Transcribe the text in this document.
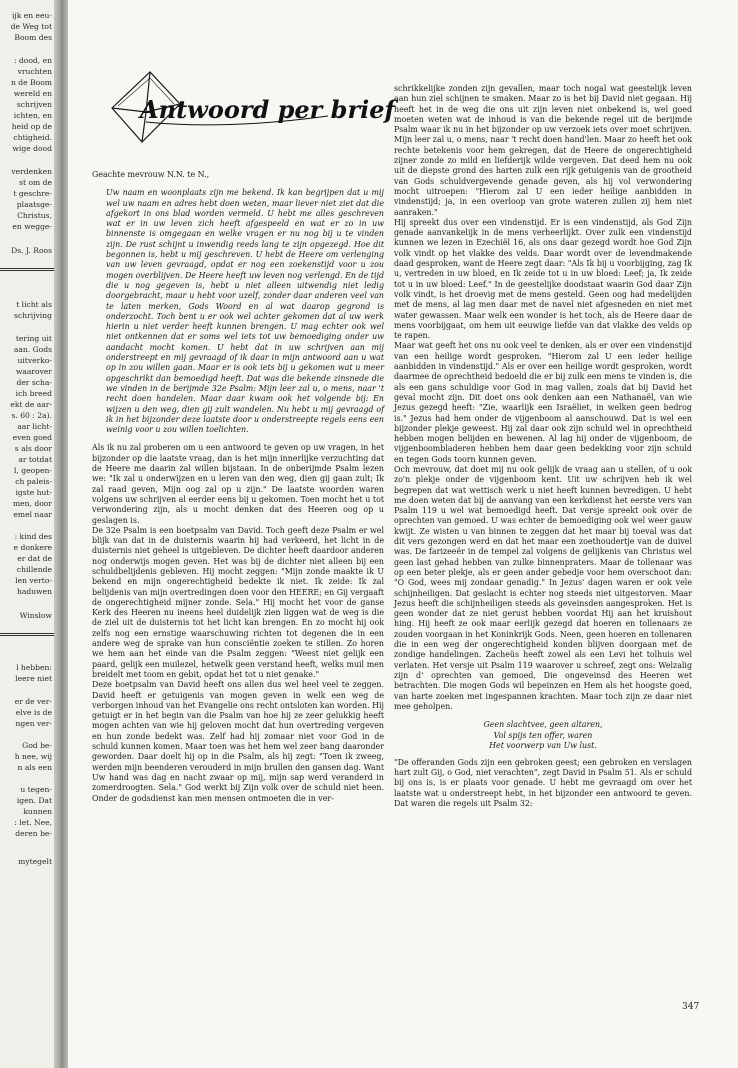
ijk en eeu-
de Weg tot
Boom des
: dood, en
vruchten
n de Boom
wereld en
schrijven
ichten, en
heid op de
chtigheid.
wige dood
verdenken
st om de
t geschre-
plaatsge-
Christus,
en wegge-
Ds. J. Roos
t licht als
schrijving
tering uit
aan. Gods
uitverko-
waarover
der scha-
ich breed
ekt de aar-
s. 60 : 2a).
aar licht-
even goed
s als door
ar totdat
l, geopen-
ch paleis-
igste hut-
men, door
emel naar
: kind des
e donkere
er dat de
chillende
len verto-
haduwen
Winslow
l hebben:
leere niet
er de ver-
elve is de
ngen ver-
God be-
h nee, wij
n als een
u tegen-
igen. Dat
kunnen
: let. Nee,
deren be-
mytegelt
Antwoord per brief

Geachte mevrouw N.N. te N.,

Uw naam en woonplaats zijn me bekend. Ik kan begrijpen dat u mij wel uw naam en adres hebt doen weten, maar liever niet ziet dat die afgekort in ons blad worden vermeld. U hebt me alles geschreven wat er in uw leven zich heeft afgespeeld en wat er zo in uw binnenste is omgegaan en welke vragen er nu nog bij u te vinden zijn. De rust schijnt u inwendig reeds lang te zijn opgezegd. Hoe dit begonnen is, hebt u mij geschreven. U hebt de Heere om verlenging van uw leven gevraagd, opdat er nog een zoekenstijd voor u zou mogen overblijven. De Heere heeft uw leven nog verlengd. En de tijd die u nog gegeven is, hebt u niet alleen uitwendig niet ledig doorgebracht, maar u hebt voor uzelf, zonder daar anderen veel van te laten merken, Gods Woord en al wat daarop gegrond is onderzocht. Toch bent u er ook wel achter gekomen dat al uw werk hierin u niet verder heeft kunnen brengen. U mag echter ook wel niet ontkennen dat er soms wel iets tot uw bemoediging onder uw aandacht mocht komen. U hebt dat in uw schrijven aan mij onderstreept en mij gevraagd of ik daar in mijn antwoord aan u wat op in zou willen gaan. Maar er is ook iets bij u gekomen wat u meer opgeschrikt dan bemoedigd heeft. Dat was die bekende zinsnede die we vinden in de berijmde 32e Psalm: Mijn leer zal u, o mens, naar 't recht doen handelen. Maar daar kwam ook het volgende bij: En wijzen u den weg, dien gij zult wandelen. Nu hebt u mij gevraagd of ik in het bijzonder deze laatste door u onderstreepte regels eens een weinig voor u zou willen toelichten.

Als ik nu zal proberen om u een antwoord te geven op uw vragen, in het bijzonder op die laatste vraag, dan is het mijn innerlijke verzuchting dat de Heere me daarin zal willen bijstaan. In de onberijmde Psalm lezen we: "Ik zal u onderwijzen en u leren van den weg, dien gij gaan zult; Ik zal raad geven, Mijn oog zal op u zijn." De laatste woorden waren volgens uw schrijven al eerder eens bij u gekomen. Toen mocht het u tot verwondering zijn, als u mocht denken dat des Heeren oog op u geslagen is.

De 32e Psalm is een boetpsalm van David. Toch geeft deze Psalm er wel blijk van dat in de duisternis waarin hij had verkeerd, het licht in de duisternis niet geheel is uitgebleven. De dichter heeft daardoor anderen nog onderwijs mogen geven. Het was bij de dichter niet alleen bij een schuldbelijdenis gebleven. Hij mocht zeggen: "Mijn zonde maakte ik U bekend en mijn ongerechtigheid bedekte ik niet. Ik zeide: Ik zal belijdenis van mijn overtredingen doen voor den HEERE; en Gij vergaaft de ongerechtigheid mijner zonde. Sela." Hij mocht het voor de ganse Kerk des Heeren nu ineens heel duidelijk zien liggen wat de weg is die de ziel uit de duisternis tot het licht kan brengen. En zo mocht hij ook zelfs nog een ernstige waarschuwing richten tot degenen die in een andere weg de sprake van hun consciëntie zoeken te stillen. Zo horen we hem aan het einde van die Psalm zeggen: "Weest niet gelijk een paard, gelijk een muilezel, hetwelk geen verstand heeft, welks muil men breidelt met toom en gebit, opdat het tot u niet genake."

Deze boetpsalm van David heeft ons allen dus wel heel veel te zeggen. David heeft er getuigenis van mogen geven in welk een weg de verborgen inhoud van het Evangelie ons recht ontsloten kan worden. Hij getuigt er in het begin van die Psalm van hoe hij ze zeer gelukkig heeft mogen achten van wie hij geloven mocht dat hun overtreding vergeven en hun zonde bedekt was. Zelf had hij zomaar niet voor God in de schuld kunnen komen. Maar toen was het hem wel zeer bang daaronder geworden. Daar doelt hij op in die Psalm, als hij zegt: "Toen ik zweeg, werden mijn beenderen verouderd in mijn brullen den gansen dag. Want Uw hand was dag en nacht zwaar op mij, mijn sap werd veranderd in zomerdroogten. Sela." God werkt bij Zijn volk over de schuld niet heen. Onder de godsdienst kan men mensen ontmoeten die in ver-

schrikkelijke zonden zijn gevallen, maar toch nogal wat geestelijk leven aan hun ziel schijnen te smaken. Maar zo is het bij David niet gegaan. Hij heeft het in de weg die ons uit zijn leven niet onbekend is, wel goed moeten weten wat de inhoud is van die bekende regel uit de berijmde Psalm waar ik nu in het bijzonder op uw verzoek iets over moet schrijven. Mijn leer zal u, o mens, naar 't recht doen hand'len. Maar zo heeft het ook rechte betekenis voor hem gekregen, dat de Heere de ongerechtigheid zijner zonde zo mild en liefderijk wilde vergeven. Dat deed hem nu ook uit de diepste grond des harten zulk een rijk getuigenis van de grootheid van Gods schuldvergevende genade geven, als hij vol verwondering mocht uitroepen: "Hierom zal U een ieder heilige aanbidden in vindenstijd; ja, in een overloop van grote wateren zullen zij hem niet aanraken."

Hij spreekt dus over een vindenstijd. Er is een vindenstijd, als God Zijn genade aanvankelijk in de mens verheerlijkt. Over zulk een vindenstijd kunnen we lezen in Ezechiël 16, als ons daar gezegd wordt hoe God Zijn volk vindt op het vlakke des velds. Daar wordt over de levendmakende daad gesproken, want de Heere zegt daar: "Als Ik bij u voorbijging, zag Ik u, vertreden in uw bloed, en Ik zeide tot u in uw bloed: Leef; ja, Ik zeide tot u in uw bloed: Leef." In de geestelijke doodstaat waarin God daar Zijn volk vindt, is het droevig met de mens gesteld. Geen oog had medelijden met de mens, al lag men daar met de navel niet afgesneden en niet met water gewassen. Maar welk een wonder is het toch, als de Heere daar de mens voorbijgaat, om hem uit eeuwige liefde van dat vlakke des velds op te rapen.

Maar wat geeft het ons nu ook veel te denken, als er over een vindenstijd van een heilige wordt gesproken. "Hierom zal U een ieder heilige aanbidden in vindenstijd." Als er over een heilige wordt gesproken, wordt daarmee de oprechtheid bedoeld die er bij zulk een mens te vinden is, die als een gans schuldige voor God in mag vallen, zoals dat bij David het geval mocht zijn. Dit doet ons ook denken aan een Nathanaël, van wie Jezus gezegd heeft: "Zie, waarlijk een Israëliet, in welken geen bedrog is." Jezus had hem onder de vijgenboom al aanschouwd. Dat is wel een bijzonder plekje geweest. Hij zal daar ook zijn schuld wel in oprechtheid hebben mogen belijden en bewenen. Al lag hij onder de vijgenboom, de vijgenboombladeren hebben hem daar geen bedekking voor zijn schuld en tegen Gods toorn kunnen geven.

Och mevrouw, dat doet mij nu ook gelijk de vraag aan u stellen, of u ook zo'n plekje onder de vijgenboom kent. Uit uw schrijven heb ik wel begrepen dat wat wettisch werk u niet heeft kunnen bevredigen. U hebt me doen weten dat bij de aanvang van een kerkdienst het eerste vers van Psalm 119 u wel wat bemoedigd heeft. Dat versje spreekt ook over de oprechten van gemoed. U was echter de bemoediging ook wel weer gauw kwijt. Ze wisten u van binnen te zeggen dat het maar bij toeval was dat dit vers gezongen werd en dat het maar een zoethoudertje van de duivel was. De farizeeër in de tempel zal volgens de gelijkenis van Christus wel geen last gehad hebben van zulke binnenpraters. Maar de tollenaar was op een beter plekje, als er geen ander gebedje voor hem overschoot dan: "O God, wees mij zondaar genadig." In Jezus' dagen waren er ook vele schijnheiligen. Dat geslacht is echter nog steeds niet uitgestorven. Maar Jezus heeft die schijnheiligen steeds als geveinsden aangesproken. Het is geen wonder dat ze niet gerust hebben voordat Hij aan het kruishout hing. Hij heeft ze ook maar eerlijk gezegd dat hoeren en tollenaars ze zouden voorgaan in het Koninkrijk Gods. Neen, geen hoeren en tollenaren die in een weg der ongerechtigheid konden blijven doorgaan met de zondige handelingen. Zacheüs heeft zowel als een Levi het tolhuis wel verlaten. Het versje uit Psalm 119 waarover u schreef, zegt ons: Welzalig zijn d' oprechten van gemoed, Die ongeveinsd des Heeren wet betrachten. Die mogen Gods wil bepeinzen en Hem als het hoogste goed, van harte zoeken met ingespannen krachten. Maar toch zijn ze daar niet mee geholpen.

Geen slachtvee, geen altaren,
Vol spijs ten offer, waren
Het voorwerp van Uw lust.

"De offeranden Gods zijn een gebroken geest; een gebroken en verslagen hart zult Gij, o God, niet verachten", zegt David in Psalm 51. Als er schuld bij ons is, is er plaats voor genade. U hebt me gevraagd om over het laatste wat u onderstreept hebt, in het bijzonder een antwoord te geven. Dat waren die regels uit Psalm 32:

347
